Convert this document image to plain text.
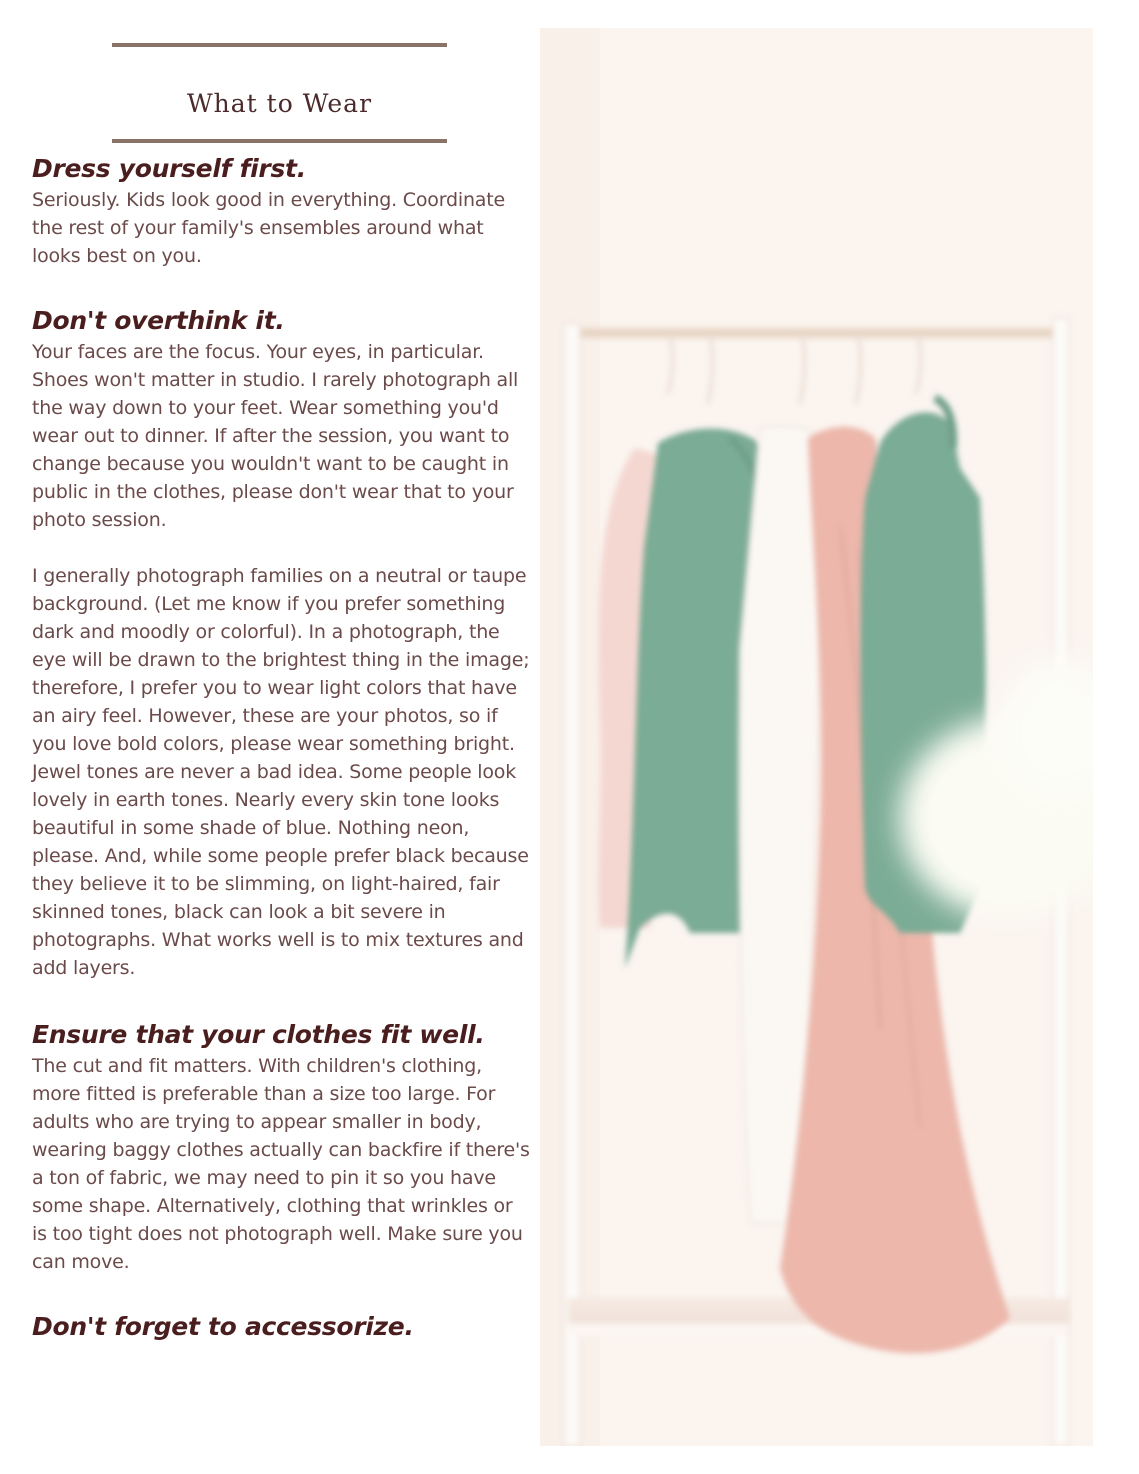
What to Wear
Dress yourself first.

Seriously. Kids look good in everything. Coordinate the rest of your family's ensembles around what looks best on you.

Don't overthink it.

Your faces are the focus. Your eyes, in particular. Shoes won't matter in studio. I rarely photograph all the way down to your feet. Wear something you'd wear out to dinner. If after the session, you want to change because you wouldn't want to be caught in public in the clothes, please don't wear that to your photo session.

I generally photograph families on a neutral or taupe background. (Let me know if you prefer something dark and moodly or colorful). In a photograph, the eye will be drawn to the brightest thing in the image; therefore, I prefer you to wear light colors that have an airy feel. However, these are your photos, so if you love bold colors, please wear something bright. Jewel tones are never a bad idea. Some people look lovely in earth tones. Nearly every skin tone looks beautiful in some shade of blue. Nothing neon, please. And, while some people prefer black because they believe it to be slimming, on light-haired, fair skinned tones, black can look a bit severe in photographs. What works well is to mix textures and add layers.

Ensure that your clothes fit well.

The cut and fit matters. With children's clothing, more fitted is preferable than a size too large. For adults who are trying to appear smaller in body, wearing baggy clothes actually can backfire if there's a ton of fabric, we may need to pin it so you have some shape. Alternatively, clothing that wrinkles or is too tight does not photograph well. Make sure you can move.

Don't forget to accessorize.
